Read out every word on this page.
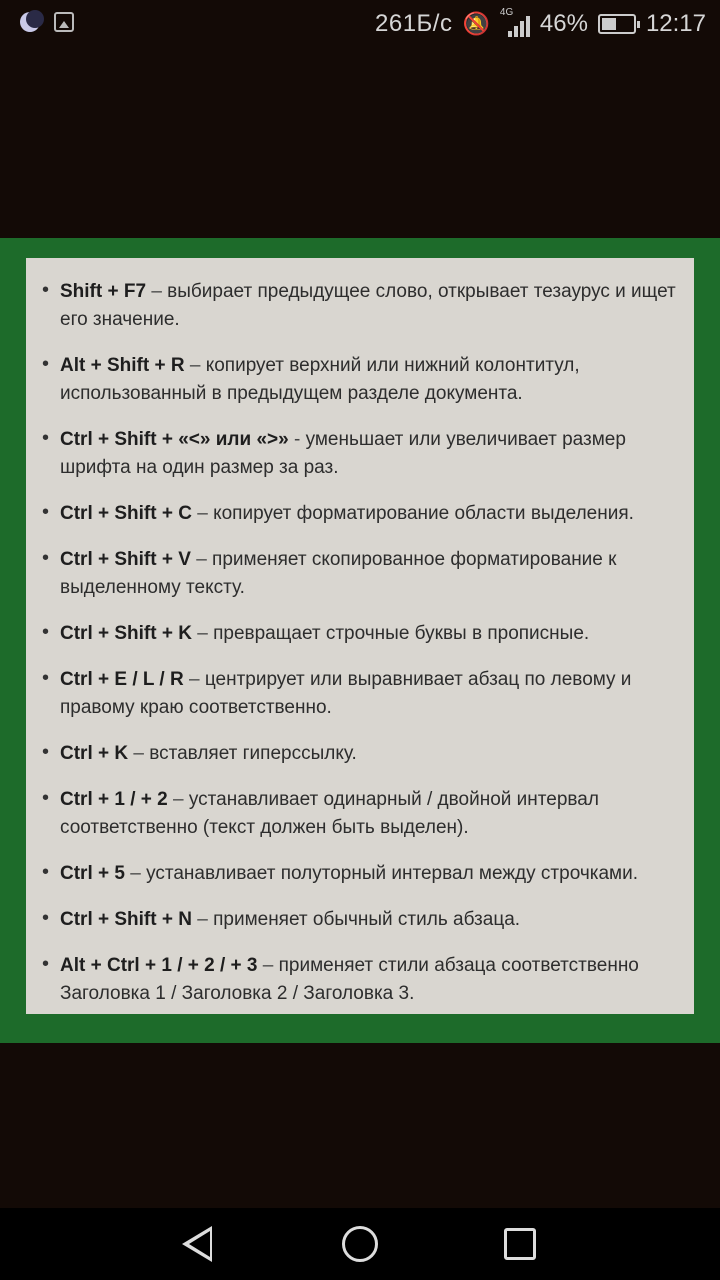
261Б/с 🔕 4G 46% 12:17
• Shift + F7 – выбирает предыдущее слово, открывает тезаурус и ищет его значение.
• Alt + Shift + R – копирует верхний или нижний колонтитул, использованный в предыдущем разделе документа.
• Ctrl + Shift + «<» или «>» - уменьшает или увеличивает размер шрифта на один размер за раз.
• Ctrl + Shift + C – копирует форматирование области выделения.
• Ctrl + Shift + V – применяет скопированное форматирование к выделенному тексту.
• Ctrl + Shift + K – превращает строчные буквы в прописные.
• Ctrl + E / L / R – центрирует или выравнивает абзац по левому и правому краю соответственно.
• Ctrl + K – вставляет гиперссылку.
• Ctrl + 1 / + 2 – устанавливает одинарный / двойной интервал соответственно (текст должен быть выделен).
• Ctrl + 5 – устанавливает полуторный интервал между строчками.
• Ctrl + Shift + N – применяет обычный стиль абзаца.
• Alt + Ctrl + 1 / + 2 / + 3 – применяет стили абзаца соответственно Заголовка 1 / Заголовка 2 / Заголовка 3.
